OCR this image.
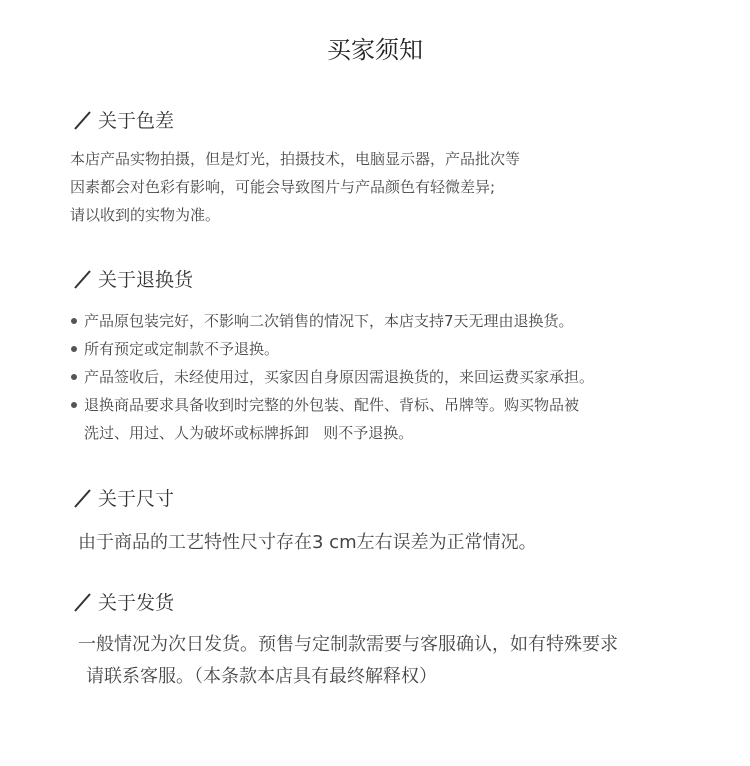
买家须知
关于色差
本店产品实物拍摄，但是灯光，拍摄技术，电脑显示器，产品批次等
因素都会对色彩有影响，可能会导致图片与产品颜色有轻微差异;
请以收到的实物为准。
关于退换货
产品原包装完好，不影响二次销售的情况下，本店支持7天无理由退换货。
所有预定或定制款不予退换。
产品签收后，未经使用过，买家因自身原因需退换货的，来回运费买家承担。
退换商品要求具备收到时完整的外包装、配件、背标、吊牌等。购买物品被
洗过、用过、人为破坏或标牌拆卸   则不予退换。
关于尺寸
由于商品的工艺特性尺寸存在3 cm左右误差为正常情况。
关于发货
一般情况为次日发货。预售与定制款需要与客服确认，如有特殊要求
请联系客服。（本条款本店具有最终解释权）
